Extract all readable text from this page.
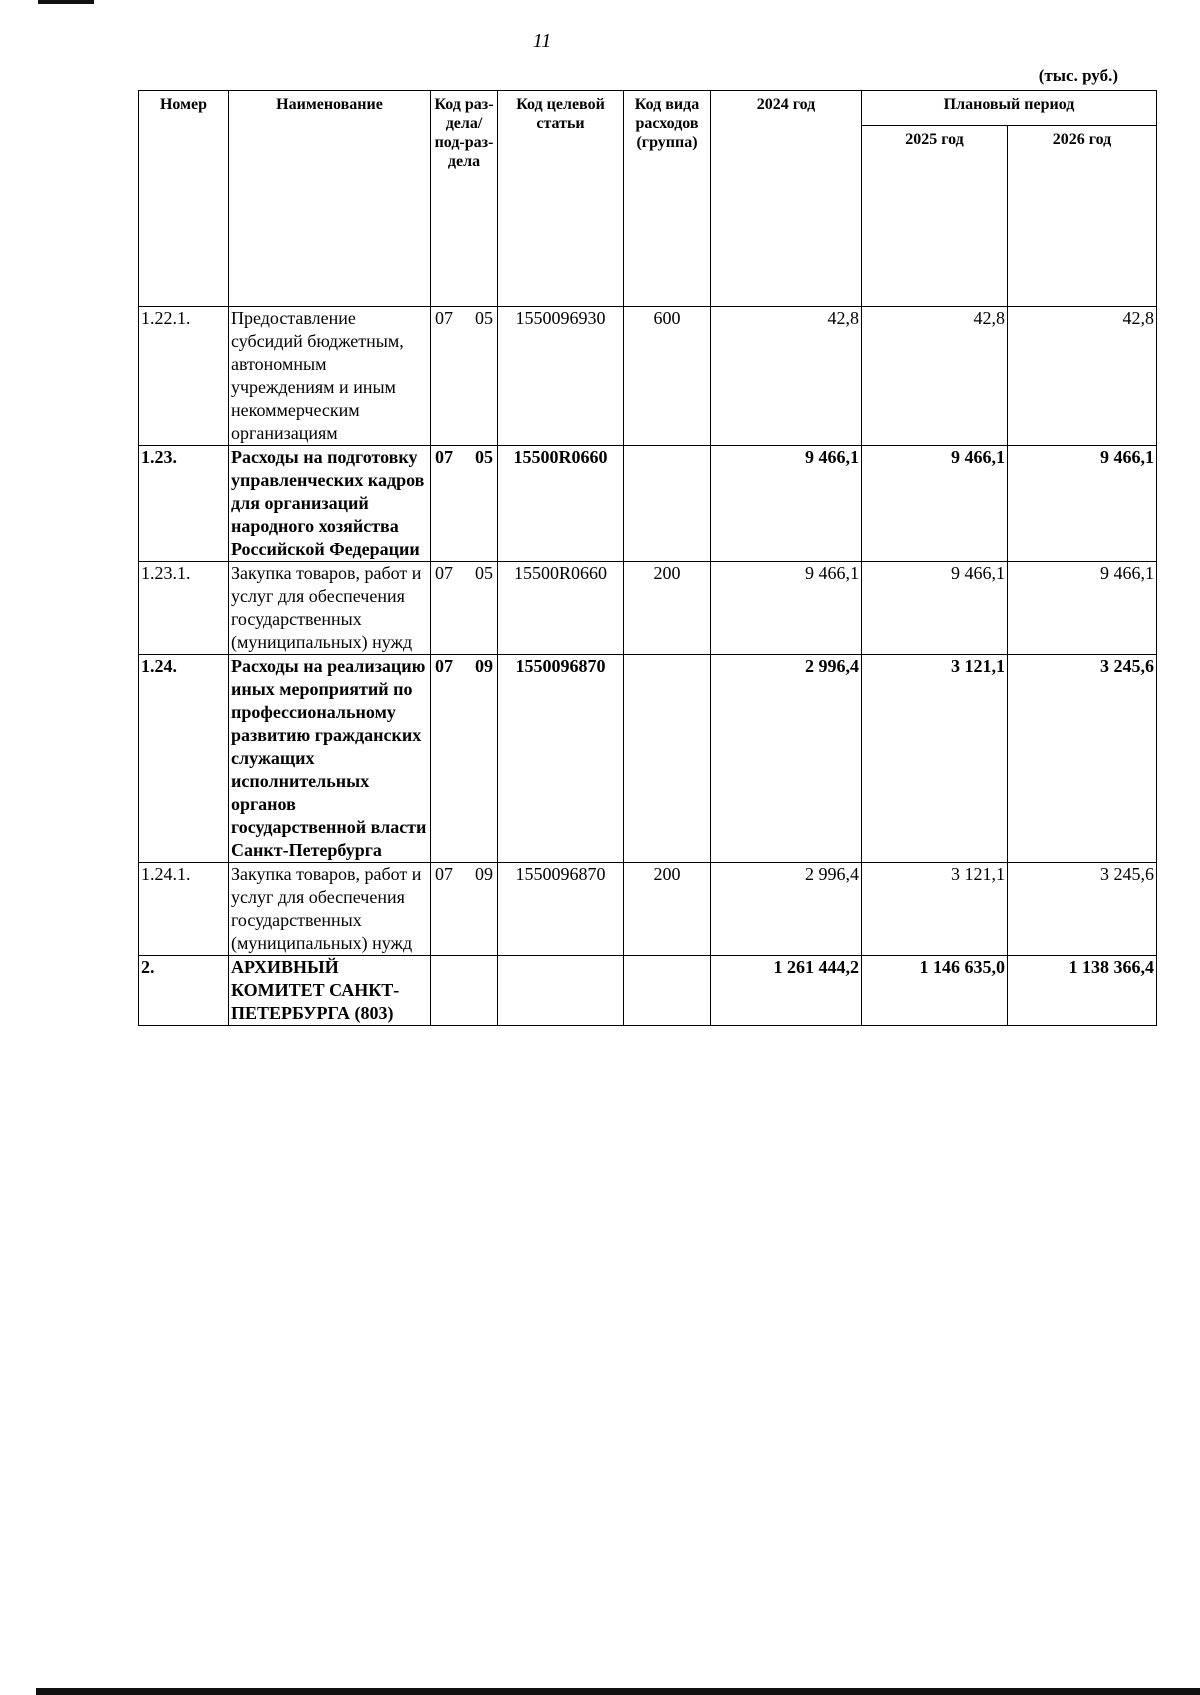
11
(тыс. руб.)
Номер	Наименование	Код раз-дела/ под-раз-дела	Код целевой статьи	Код вида расходов (группа)	2024 год	Плановый период	
						2025 год	2026 год
1.22.1.	Предоставление субсидий бюджетным, автономным учреждениям и иным некоммерческим организациям	07 05	1550096930	600	42,8	42,8	42,8
1.23.	Расходы на подготовку управленческих кадров для организаций народного хозяйства Российской Федерации	07 05	15500R0660		9 466,1	9 466,1	9 466,1
1.23.1.	Закупка товаров, работ и услуг для обеспечения государственных (муниципальных) нужд	07 05	15500R0660	200	9 466,1	9 466,1	9 466,1
1.24.	Расходы на реализацию иных мероприятий по профессиональному развитию гражданских служащих исполнительных органов государственной власти Санкт-Петербурга	07 09	1550096870		2 996,4	3 121,1	3 245,6
1.24.1.	Закупка товаров, работ и услуг для обеспечения государственных (муниципальных) нужд	07 09	1550096870	200	2 996,4	3 121,1	3 245,6
2.	АРХИВНЫЙ КОМИТЕТ САНКТ-ПЕТЕРБУРГА (803)				1 261 444,2	1 146 635,0	1 138 366,4
